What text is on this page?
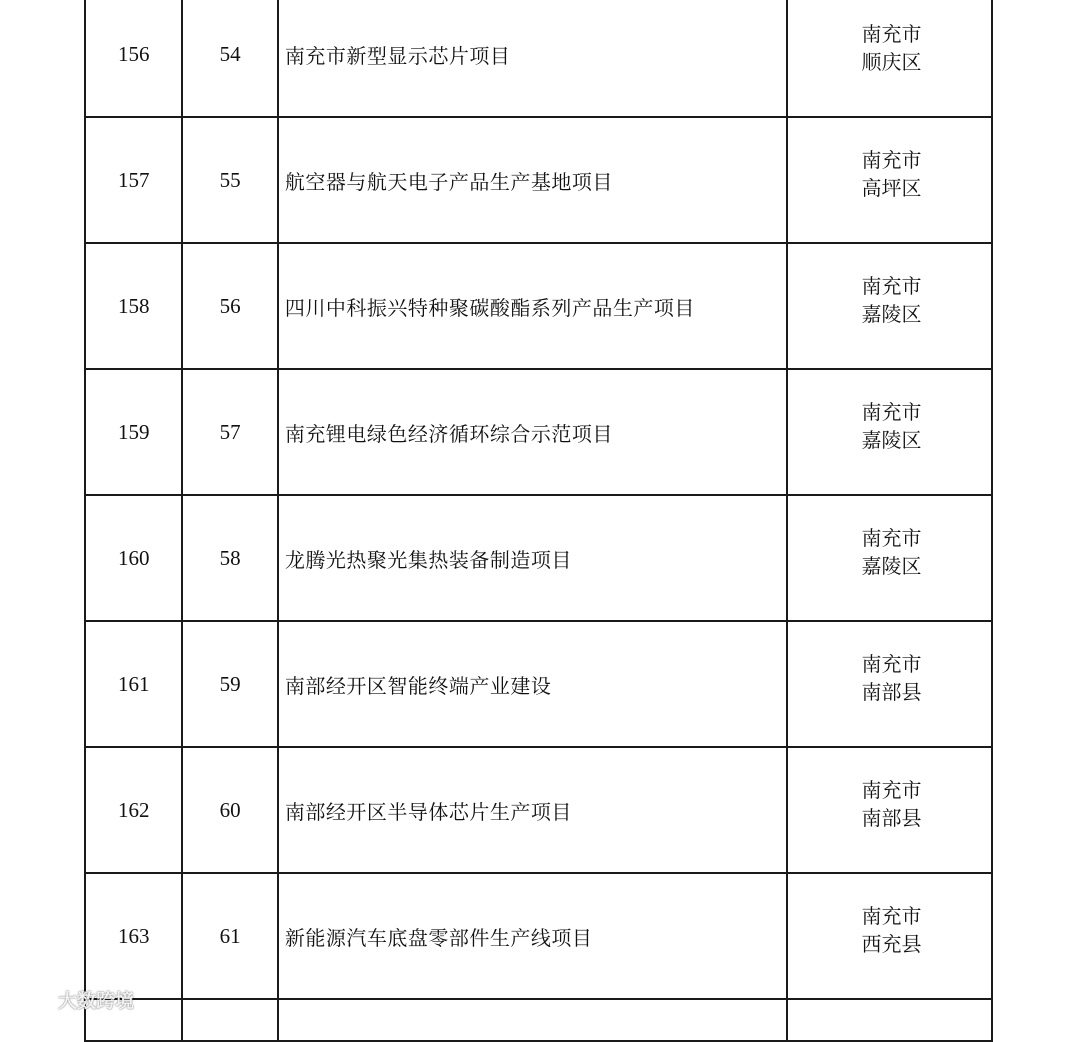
156	54	南充市新型显示芯片项目	南充市
顺庆区

157	55	航空器与航天电子产品生产基地项目	南充市
高坪区

158	56	四川中科振兴特种聚碳酸酯系列产品生产项目	南充市
嘉陵区

159	57	南充锂电绿色经济循环综合示范项目	南充市
嘉陵区

160	58	龙腾光热聚光集热装备制造项目	南充市
嘉陵区

161	59	南部经开区智能终端产业建设	南充市
南部县

162	60	南部经开区半导体芯片生产项目	南充市
南部县

163	61	新能源汽车底盘零部件生产线项目	南充市
西充县

大数跨境
